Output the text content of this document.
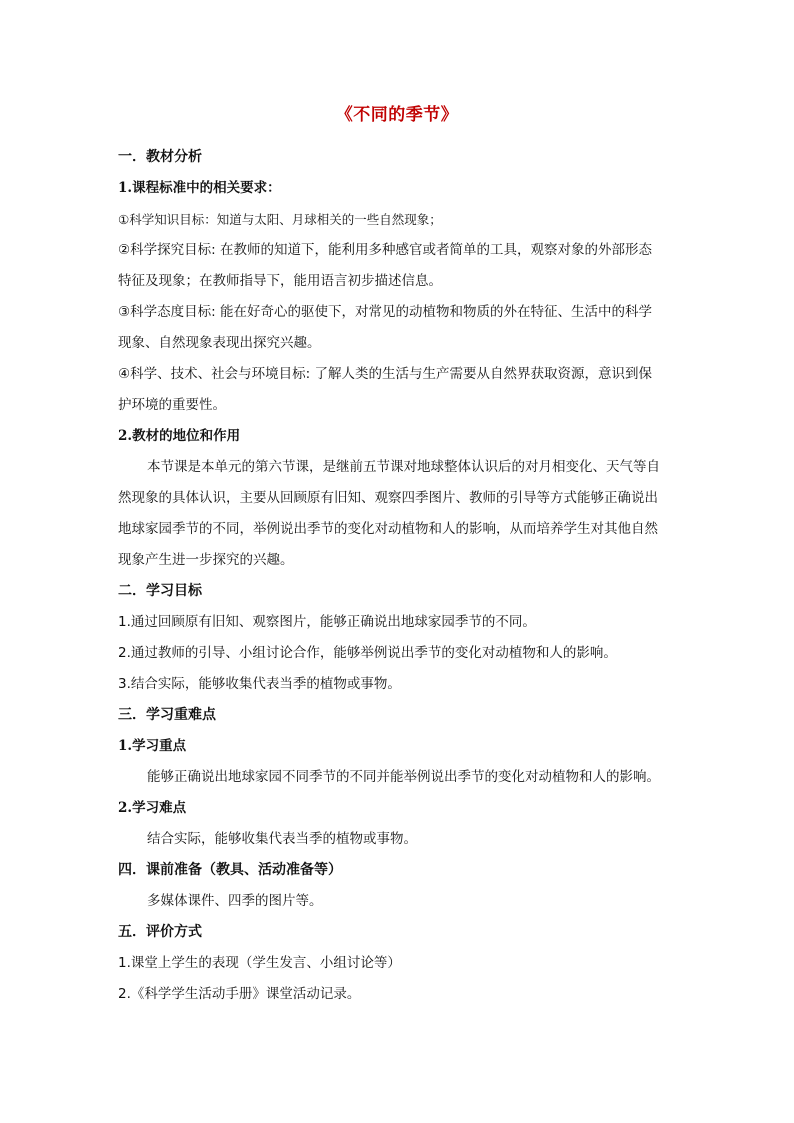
《不同的季节》
一．教材分析
1.课程标准中的相关要求：
①科学知识目标：知道与太阳、月球相关的一些自然现象；
②科学探究目标: 在教师的知道下，能利用多种感官或者简单的工具，观察对象的外部形态
特征及现象；在教师指导下，能用语言初步描述信息。
③科学态度目标: 能在好奇心的驱使下，对常见的动植物和物质的外在特征、生活中的科学
现象、自然现象表现出探究兴趣。
④科学、技术、社会与环境目标: 了解人类的生活与生产需要从自然界获取资源，意识到保
护环境的重要性。
2.教材的地位和作用
本节课是本单元的第六节课，是继前五节课对地球整体认识后的对月相变化、天气等自
然现象的具体认识，主要从回顾原有旧知、观察四季图片、教师的引导等方式能够正确说出
地球家园季节的不同，举例说出季节的变化对动植物和人的影响，从而培养学生对其他自然
现象产生进一步探究的兴趣。
二．学习目标
1.通过回顾原有旧知、观察图片，能够正确说出地球家园季节的不同。
2.通过教师的引导、小组讨论合作，能够举例说出季节的变化对动植物和人的影响。
3.结合实际，能够收集代表当季的植物或事物。
三．学习重难点
1.学习重点
能够正确说出地球家园不同季节的不同并能举例说出季节的变化对动植物和人的影响。
2.学习难点
结合实际，能够收集代表当季的植物或事物。
四．课前准备（教具、活动准备等）
多媒体课件、四季的图片等。
五．评价方式
1.课堂上学生的表现（学生发言、小组讨论等）
2.《科学学生活动手册》课堂活动记录。
